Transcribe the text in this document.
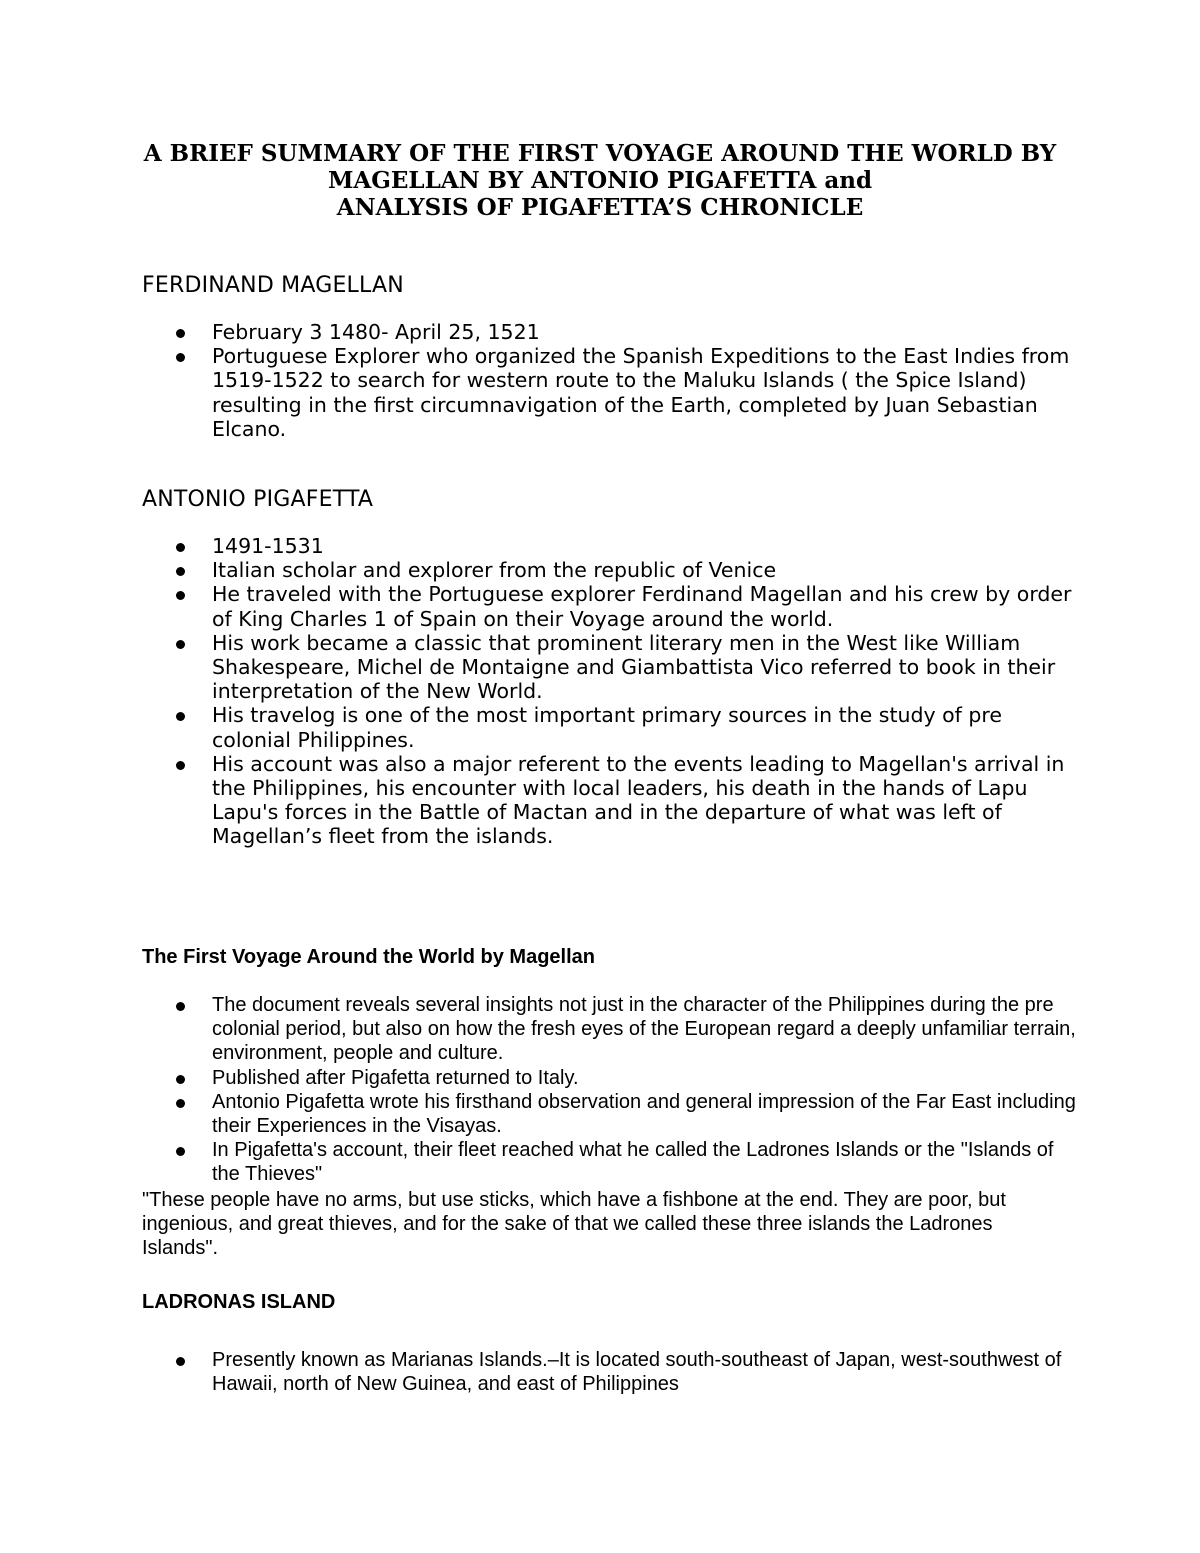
A BRIEF SUMMARY OF THE FIRST VOYAGE AROUND THE WORLD BY
MAGELLAN BY ANTONIO PIGAFETTA and
ANALYSIS OF PIGAFETTA’S CHRONICLE
FERDINAND MAGELLAN
February 3 1480- April 25, 1521
Portuguese Explorer who organized the Spanish Expeditions to the East Indies from 1519-1522 to search for western route to the Maluku Islands ( the Spice Island) resulting in the first circumnavigation of the Earth, completed by Juan Sebastian Elcano.
ANTONIO PIGAFETTA
1491-1531
Italian scholar and explorer from the republic of Venice
He traveled with the Portuguese explorer Ferdinand Magellan and his crew by order of King Charles 1 of Spain on their Voyage around the world.
His work became a classic that prominent literary men in the West like William Shakespeare, Michel de Montaigne and Giambattista Vico referred to book in their interpretation of the New World.
His travelog is one of the most important primary sources in the study of pre colonial Philippines.
His account was also a major referent to the events leading to Magellan's arrival in the Philippines, his encounter with local leaders, his death in the hands of Lapu Lapu's forces in the Battle of Mactan and in the departure of what was left of Magellan’s fleet from the islands.
The First Voyage Around the World by Magellan
The document reveals several insights not just in the character of the Philippines during the pre colonial period, but also on how the fresh eyes of the European regard a deeply unfamiliar terrain, environment, people and culture.
Published after Pigafetta returned to Italy.
Antonio Pigafetta wrote his firsthand observation and general impression of the Far East including their Experiences in the Visayas.
In Pigafetta's account, their fleet reached what he called the Ladrones Islands or the "Islands of the Thieves"

"These people have no arms, but use sticks, which have a fishbone at the end. They are poor, but ingenious, and great thieves, and for the sake of that we called these three islands the Ladrones Islands".

LADRONAS ISLAND
Presently known as Marianas Islands.–It is located south-southeast of Japan, west-southwest of Hawaii, north of New Guinea, and east of Philippines
